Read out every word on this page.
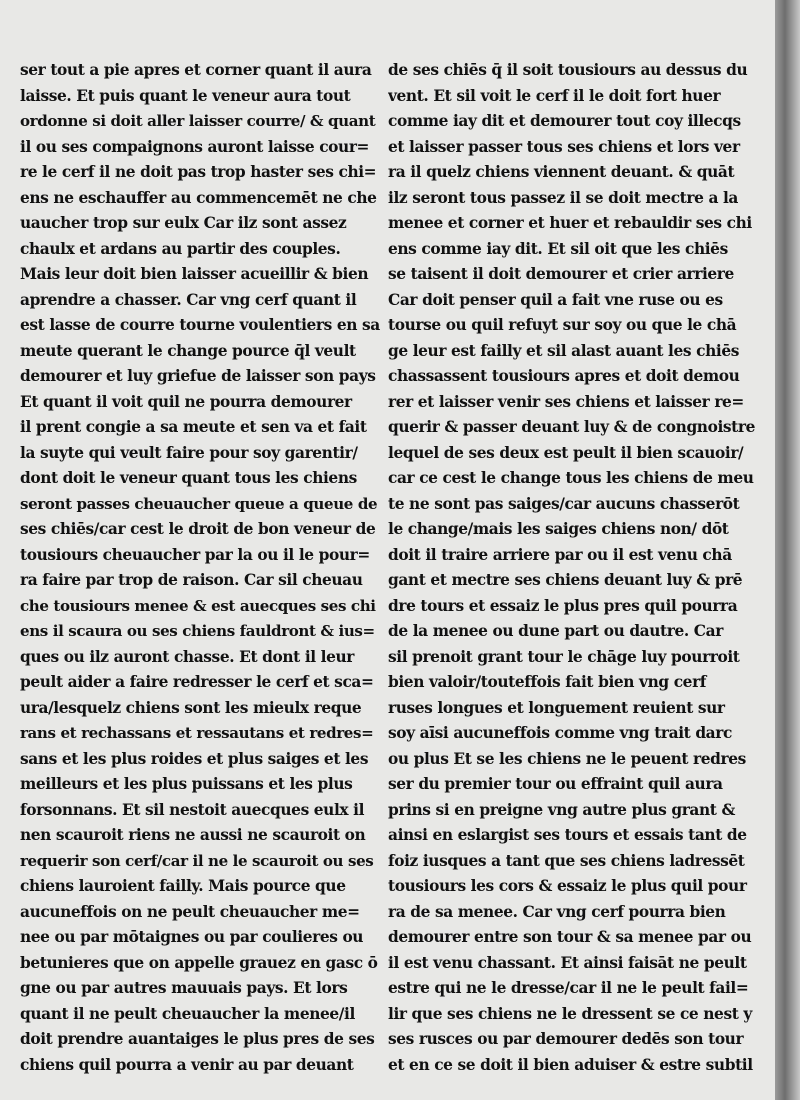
ser tout a pie apres et corner quant il aura
laisse. Et puis quant le veneur aura tout
ordonne si doit aller laisser courre/ & quant
il ou ses compaignons auront laisse cour=
re le cerf il ne doit pas trop haster ses chi=
ens ne eschauffer au commencemēt ne che
uaucher trop sur eulx Car ilz sont assez
chaulx et ardans au partir des couples.
Mais leur doit bien laisser acueillir & bien
aprendre a chasser. Car vng cerf quant il
est lasse de courre tourne voulentiers en sa
meute querant le change pource q̄l veult
demourer et luy griefue de laisser son pays
Et quant il voit quil ne pourra demourer
il prent congie a sa meute et sen va et fait
la suyte qui veult faire pour soy garentir/
dont doit le veneur quant tous les chiens
seront passes cheuaucher queue a queue de
ses chiēs/car cest le droit de bon veneur de
tousiours cheuaucher par la ou il le pour=
ra faire par trop de raison. Car sil cheuau
che tousiours menee & est auecques ses chi
ens il scaura ou ses chiens fauldront & ius=
ques ou ilz auront chasse. Et dont il leur
peult aider a faire redresser le cerf et sca=
ura/lesquelz chiens sont les mieulx reque
rans et rechassans et ressautans et redres=
sans et les plus roides et plus saiges et les
meilleurs et les plus puissans et les plus
forsonnans. Et sil nestoit auecques eulx il
nen scauroit riens ne aussi ne scauroit on
requerir son cerf/car il ne le scauroit ou ses
chiens lauroient failly. Mais pource que
aucuneffois on ne peult cheuaucher me=
nee ou par mōtaignes ou par coulieres ou
betunieres que on appelle grauez en gasc ō
gne ou par autres mauuais pays. Et lors
quant il ne peult cheuaucher la menee/il
doit prendre auantaiges le plus pres de ses
chiens quil pourra a venir au par deuant
de ses chiēs q̄ il soit tousiours au dessus du
vent. Et sil voit le cerf il le doit fort huer
comme iay dit et demourer tout coy illecqs
et laisser passer tous ses chiens et lors ver
ra il quelz chiens viennent deuant. & quāt
ilz seront tous passez il se doit mectre a la
menee et corner et huer et rebauldir ses chi
ens comme iay dit. Et sil oit que les chiēs
se taisent il doit demourer et crier arriere
Car doit penser quil a fait vne ruse ou es
tourse ou quil refuyt sur soy ou que le chā
ge leur est failly et sil alast auant les chiēs
chassassent tousiours apres et doit demou
rer et laisser venir ses chiens et laisser re=
querir & passer deuant luy & de congnoistre
lequel de ses deux est peult il bien scauoir/
car ce cest le change tous les chiens de meu
te ne sont pas saiges/car aucuns chasserōt
le change/mais les saiges chiens non/ dōt
doit il traire arriere par ou il est venu chā
gant et mectre ses chiens deuant luy & prē
dre tours et essaiz le plus pres quil pourra
de la menee ou dune part ou dautre. Car
sil prenoit grant tour le chāge luy pourroit
bien valoir/touteffois fait bien vng cerf
ruses longues et longuement reuient sur
soy aīsi aucuneffois comme vng trait darc
ou plus Et se les chiens ne le peuent redres
ser du premier tour ou effraint quil aura
prins si en preigne vng autre plus grant &
ainsi en eslargist ses tours et essais tant de
foiz iusques a tant que ses chiens ladressēt
tousiours les cors & essaiz le plus quil pour
ra de sa menee. Car vng cerf pourra bien
demourer entre son tour & sa menee par ou
il est venu chassant. Et ainsi faisāt ne peult
estre qui ne le dresse/car il ne le peult fail=
lir que ses chiens ne le dressent se ce nest y
ses rusces ou par demourer dedēs son tour
et en ce se doit il bien aduiser & estre subtil
